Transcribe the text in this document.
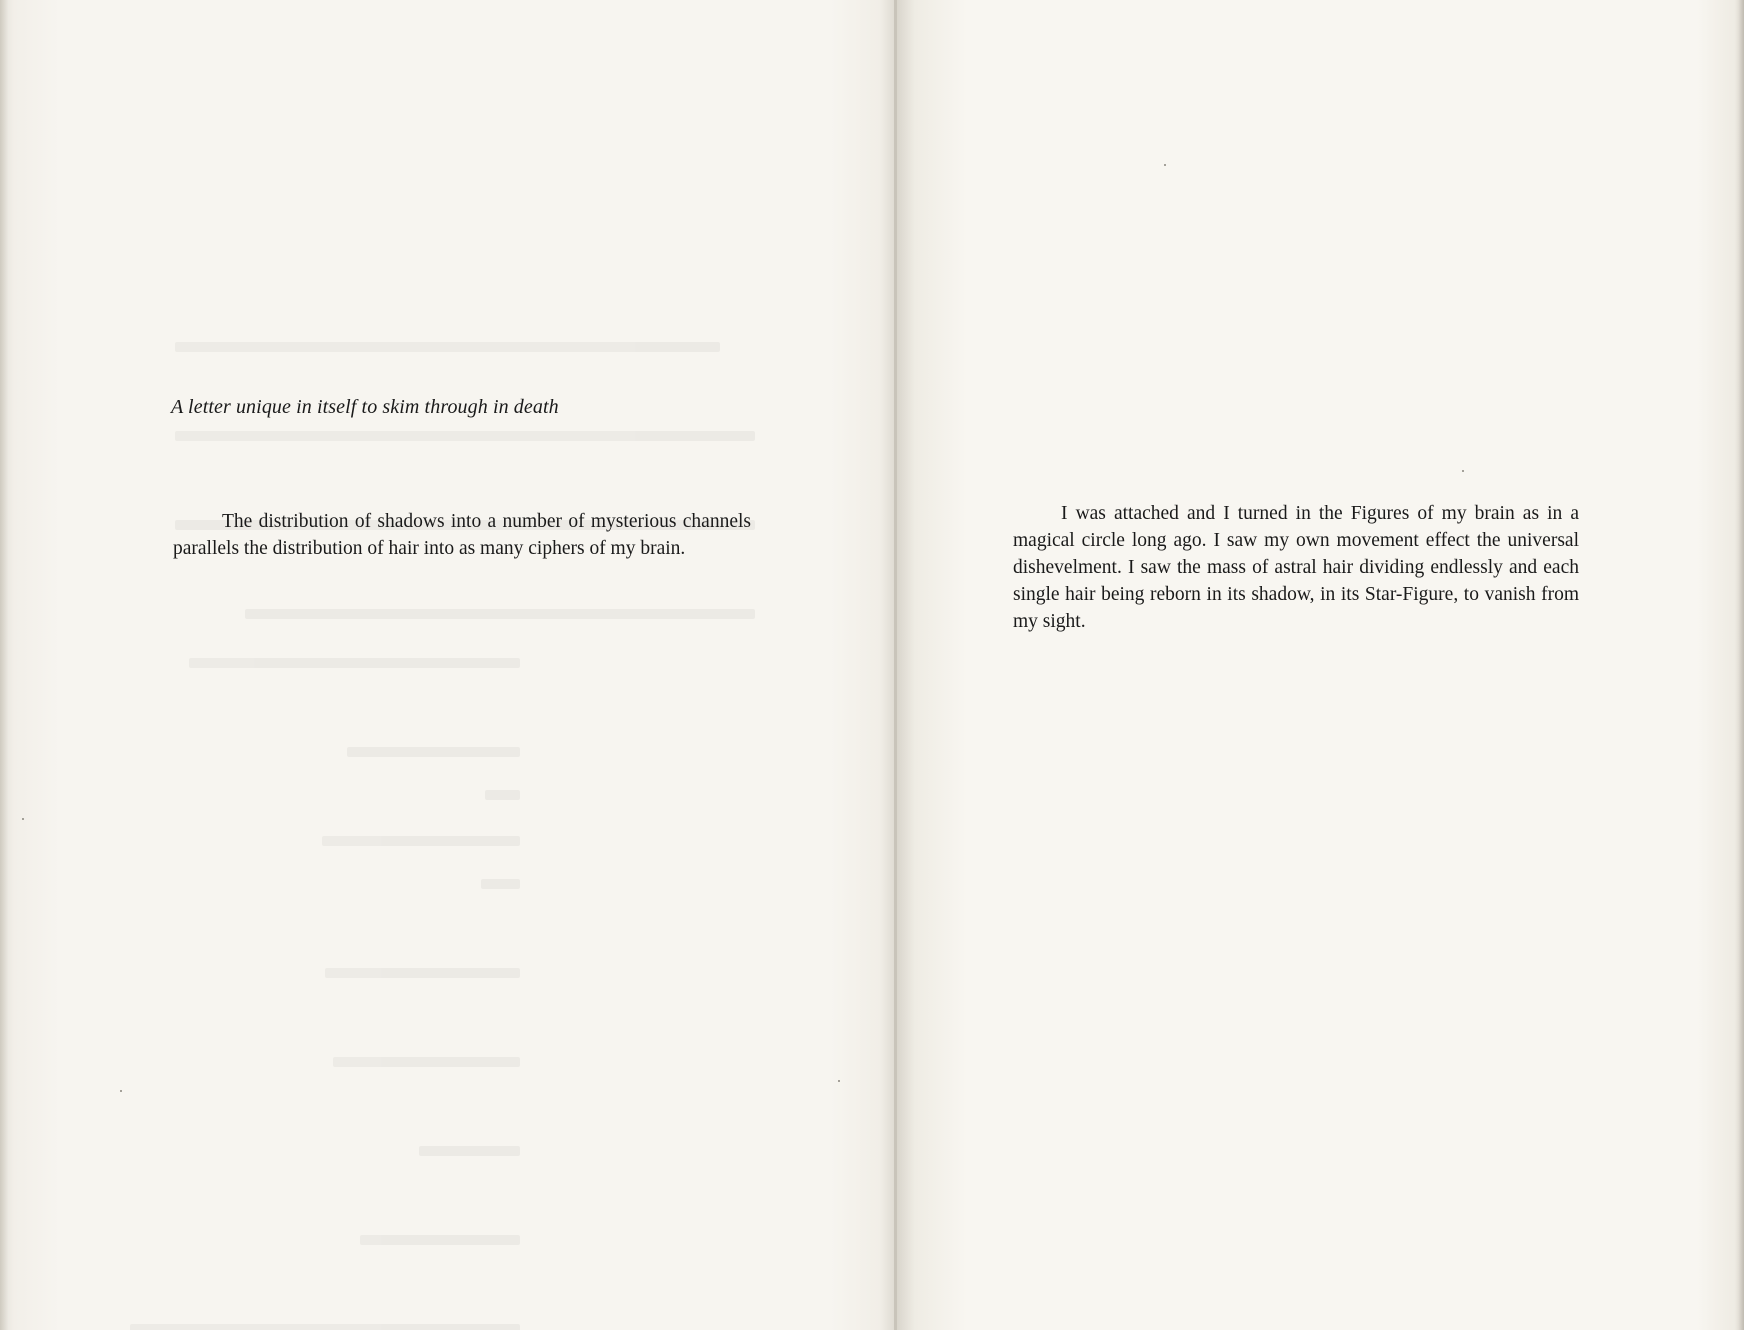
A letter unique in itself to skim through in death

The distribution of shadows into a number of mysterious channels parallels the distribution of hair into as many ciphers of my brain.

I was attached and I turned in the Figures of my brain as in a magical circle long ago. I saw my own movement effect the universal dishevelment. I saw the mass of astral hair dividing endlessly and each single hair being reborn in its shadow, in its Star-Figure, to vanish from my sight.
